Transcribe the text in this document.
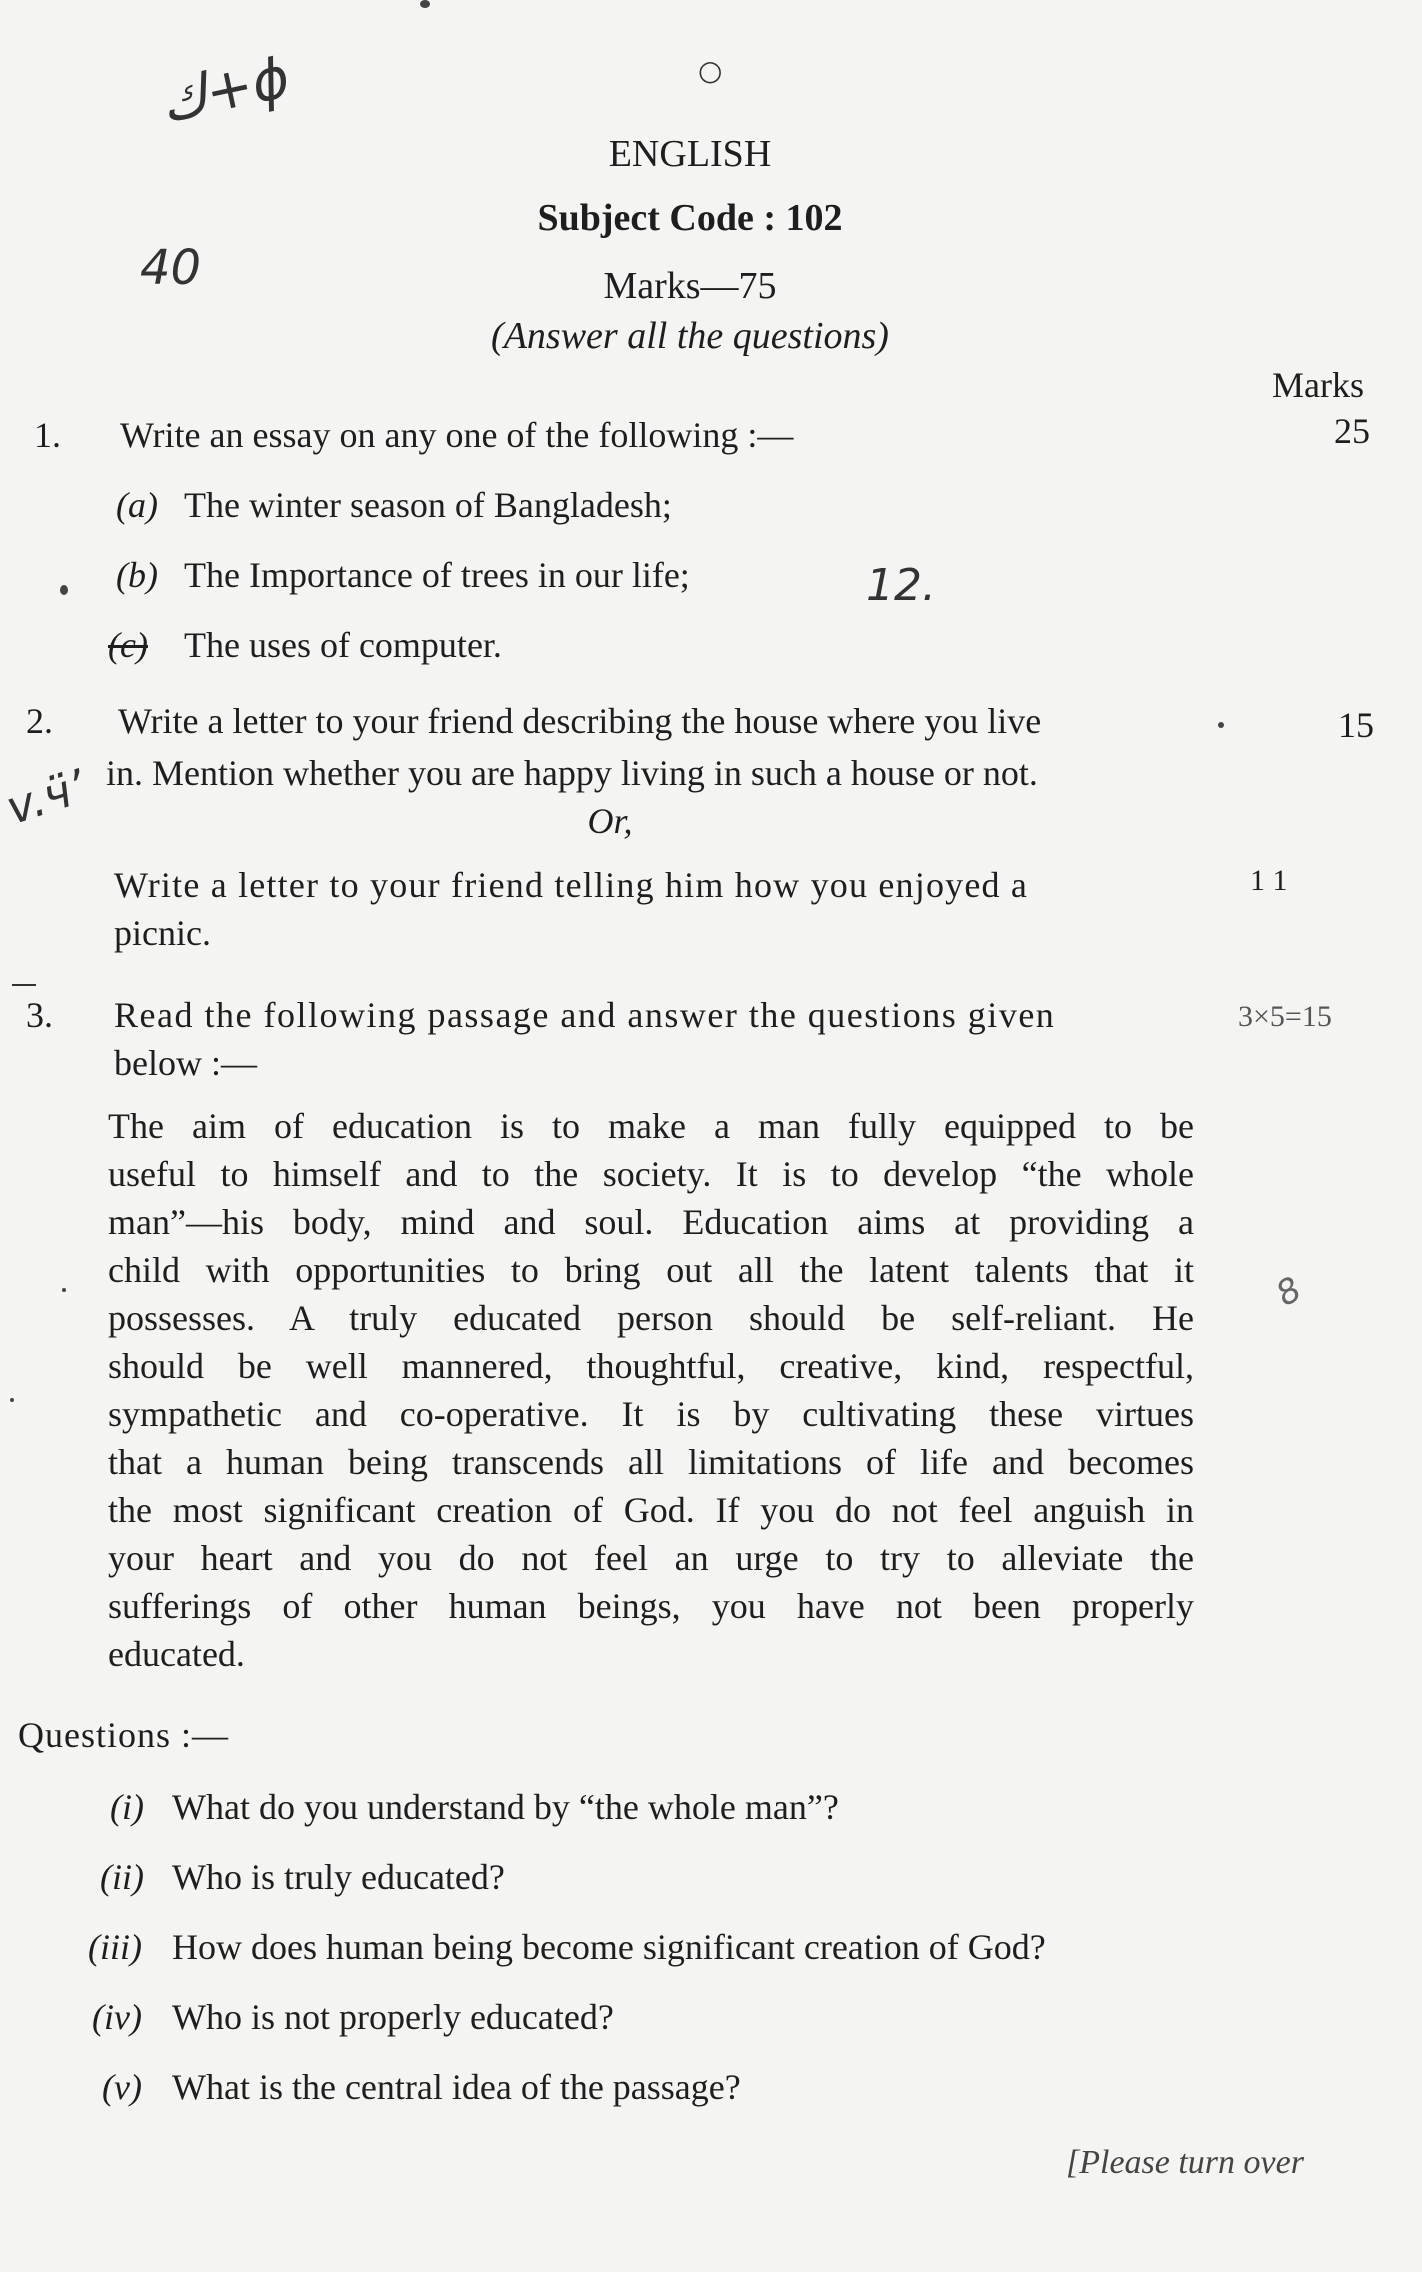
ك+ϕ	○
40
ENGLISH
Subject Code : 102
Marks—75
(Answer all the questions)
Marks
1. Write an essay on any one of the following :—	25
(a) The winter season of Bangladesh;
(b) The Importance of trees in our life;	12.
(c) The uses of computer.
2. Write a letter to your friend describing the house where you live	15
v.ӵ’ in. Mention whether you are happy living in such a house or not.
Or,
Write a letter to your friend telling him how you enjoyed a	1 1
picnic.
3. Read the following passage and answer the questions given	3×5=15
below :—
8
The aim of education is to make a man fully equipped to be
useful to himself and to the society. It is to develop “the whole
man”—his body, mind and soul. Education aims at providing a
child with opportunities to bring out all the latent talents that it
possesses. A truly educated person should be self-reliant. He
should be well mannered, thoughtful, creative, kind, respectful,
sympathetic and co-operative. It is by cultivating these virtues
that a human being transcends all limitations of life and becomes
the most significant creation of God. If you do not feel anguish in
your heart and you do not feel an urge to try to alleviate the
sufferings of other human beings, you have not been properly
educated.
Questions :—
(i) What do you understand by “the whole man”?
(ii) Who is truly educated?
(iii) How does human being become significant creation of God?
(iv) Who is not properly educated?
(v) What is the central idea of the passage?
[Please turn over
